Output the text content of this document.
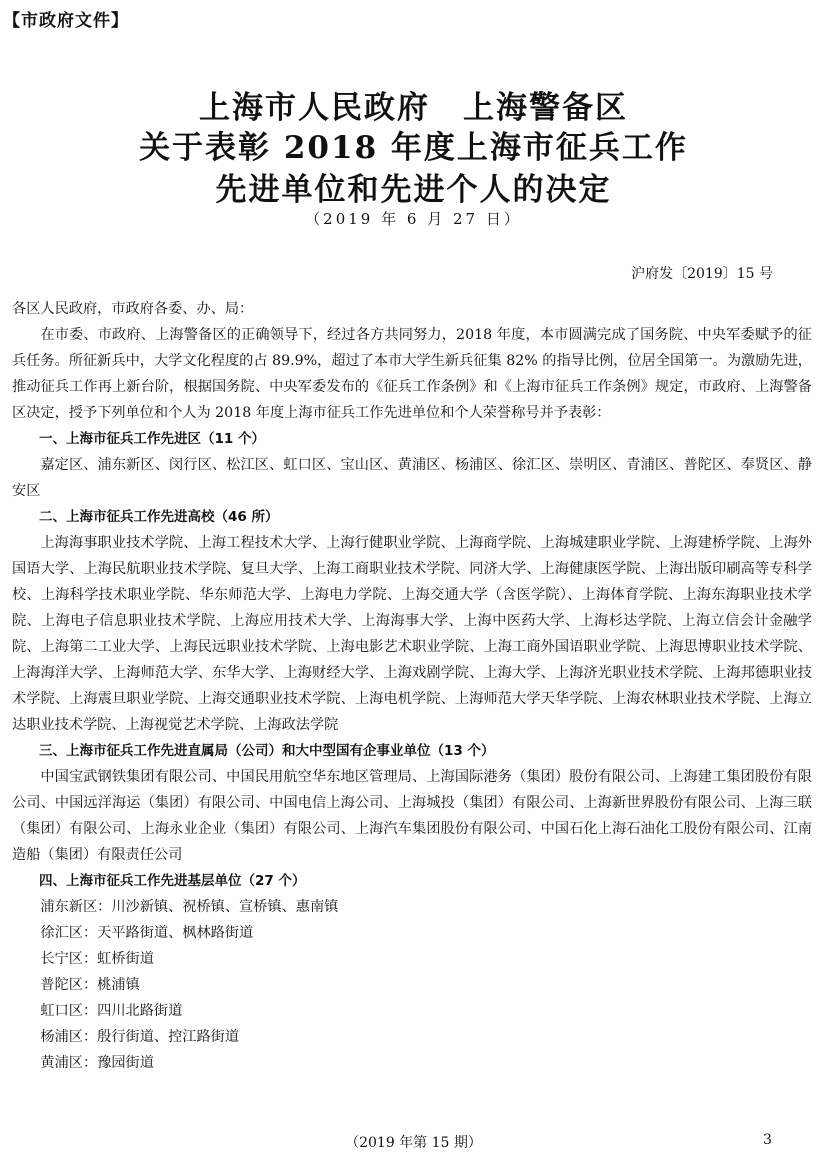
【市政府文件】
上海市人民政府　上海警备区
关于表彰 2018 年度上海市征兵工作
先进单位和先进个人的决定
（2019 年 6 月 27 日）
沪府发〔2019〕15 号

各区人民政府，市政府各委、办、局：

在市委、市政府、上海警备区的正确领导下，经过各方共同努力，2018 年度，本市圆满完成了国务院、中央军委赋予的征兵任务。所征新兵中，大学文化程度的占 89.9%，超过了本市大学生新兵征集 82% 的指导比例，位居全国第一。为激励先进，推动征兵工作再上新台阶，根据国务院、中央军委发布的《征兵工作条例》和《上海市征兵工作条例》规定，市政府、上海警备区决定，授予下列单位和个人为 2018 年度上海市征兵工作先进单位和个人荣誉称号并予表彰：

一、上海市征兵工作先进区（11 个）

嘉定区、浦东新区、闵行区、松江区、虹口区、宝山区、黄浦区、杨浦区、徐汇区、崇明区、青浦区、普陀区、奉贤区、静安区

二、上海市征兵工作先进高校（46 所）

上海海事职业技术学院、上海工程技术大学、上海行健职业学院、上海商学院、上海城建职业学院、上海建桥学院、上海外国语大学、上海民航职业技术学院、复旦大学、上海工商职业技术学院、同济大学、上海健康医学院、上海出版印刷高等专科学校、上海科学技术职业学院、华东师范大学、上海电力学院、上海交通大学（含医学院）、上海体育学院、上海东海职业技术学院、上海电子信息职业技术学院、上海应用技术大学、上海海事大学、上海中医药大学、上海杉达学院、上海立信会计金融学院、上海第二工业大学、上海民远职业技术学院、上海电影艺术职业学院、上海工商外国语职业学院、上海思博职业技术学院、上海海洋大学、上海师范大学、东华大学、上海财经大学、上海戏剧学院、上海大学、上海济光职业技术学院、上海邦德职业技术学院、上海震旦职业学院、上海交通职业技术学院、上海电机学院、上海师范大学天华学院、上海农林职业技术学院、上海立达职业技术学院、上海视觉艺术学院、上海政法学院

三、上海市征兵工作先进直属局（公司）和大中型国有企事业单位（13 个）

中国宝武钢铁集团有限公司、中国民用航空华东地区管理局、上海国际港务（集团）股份有限公司、上海建工集团股份有限公司、中国远洋海运（集团）有限公司、中国电信上海公司、上海城投（集团）有限公司、上海新世界股份有限公司、上海三联（集团）有限公司、上海永业企业（集团）有限公司、上海汽车集团股份有限公司、中国石化上海石油化工股份有限公司、江南造船（集团）有限责任公司

四、上海市征兵工作先进基层单位（27 个）

浦东新区：川沙新镇、祝桥镇、宣桥镇、惠南镇

徐汇区：天平路街道、枫林路街道

长宁区：虹桥街道

普陀区：桃浦镇

虹口区：四川北路街道

杨浦区：殷行街道、控江路街道

黄浦区：豫园街道

（2019 年第 15 期）	3
